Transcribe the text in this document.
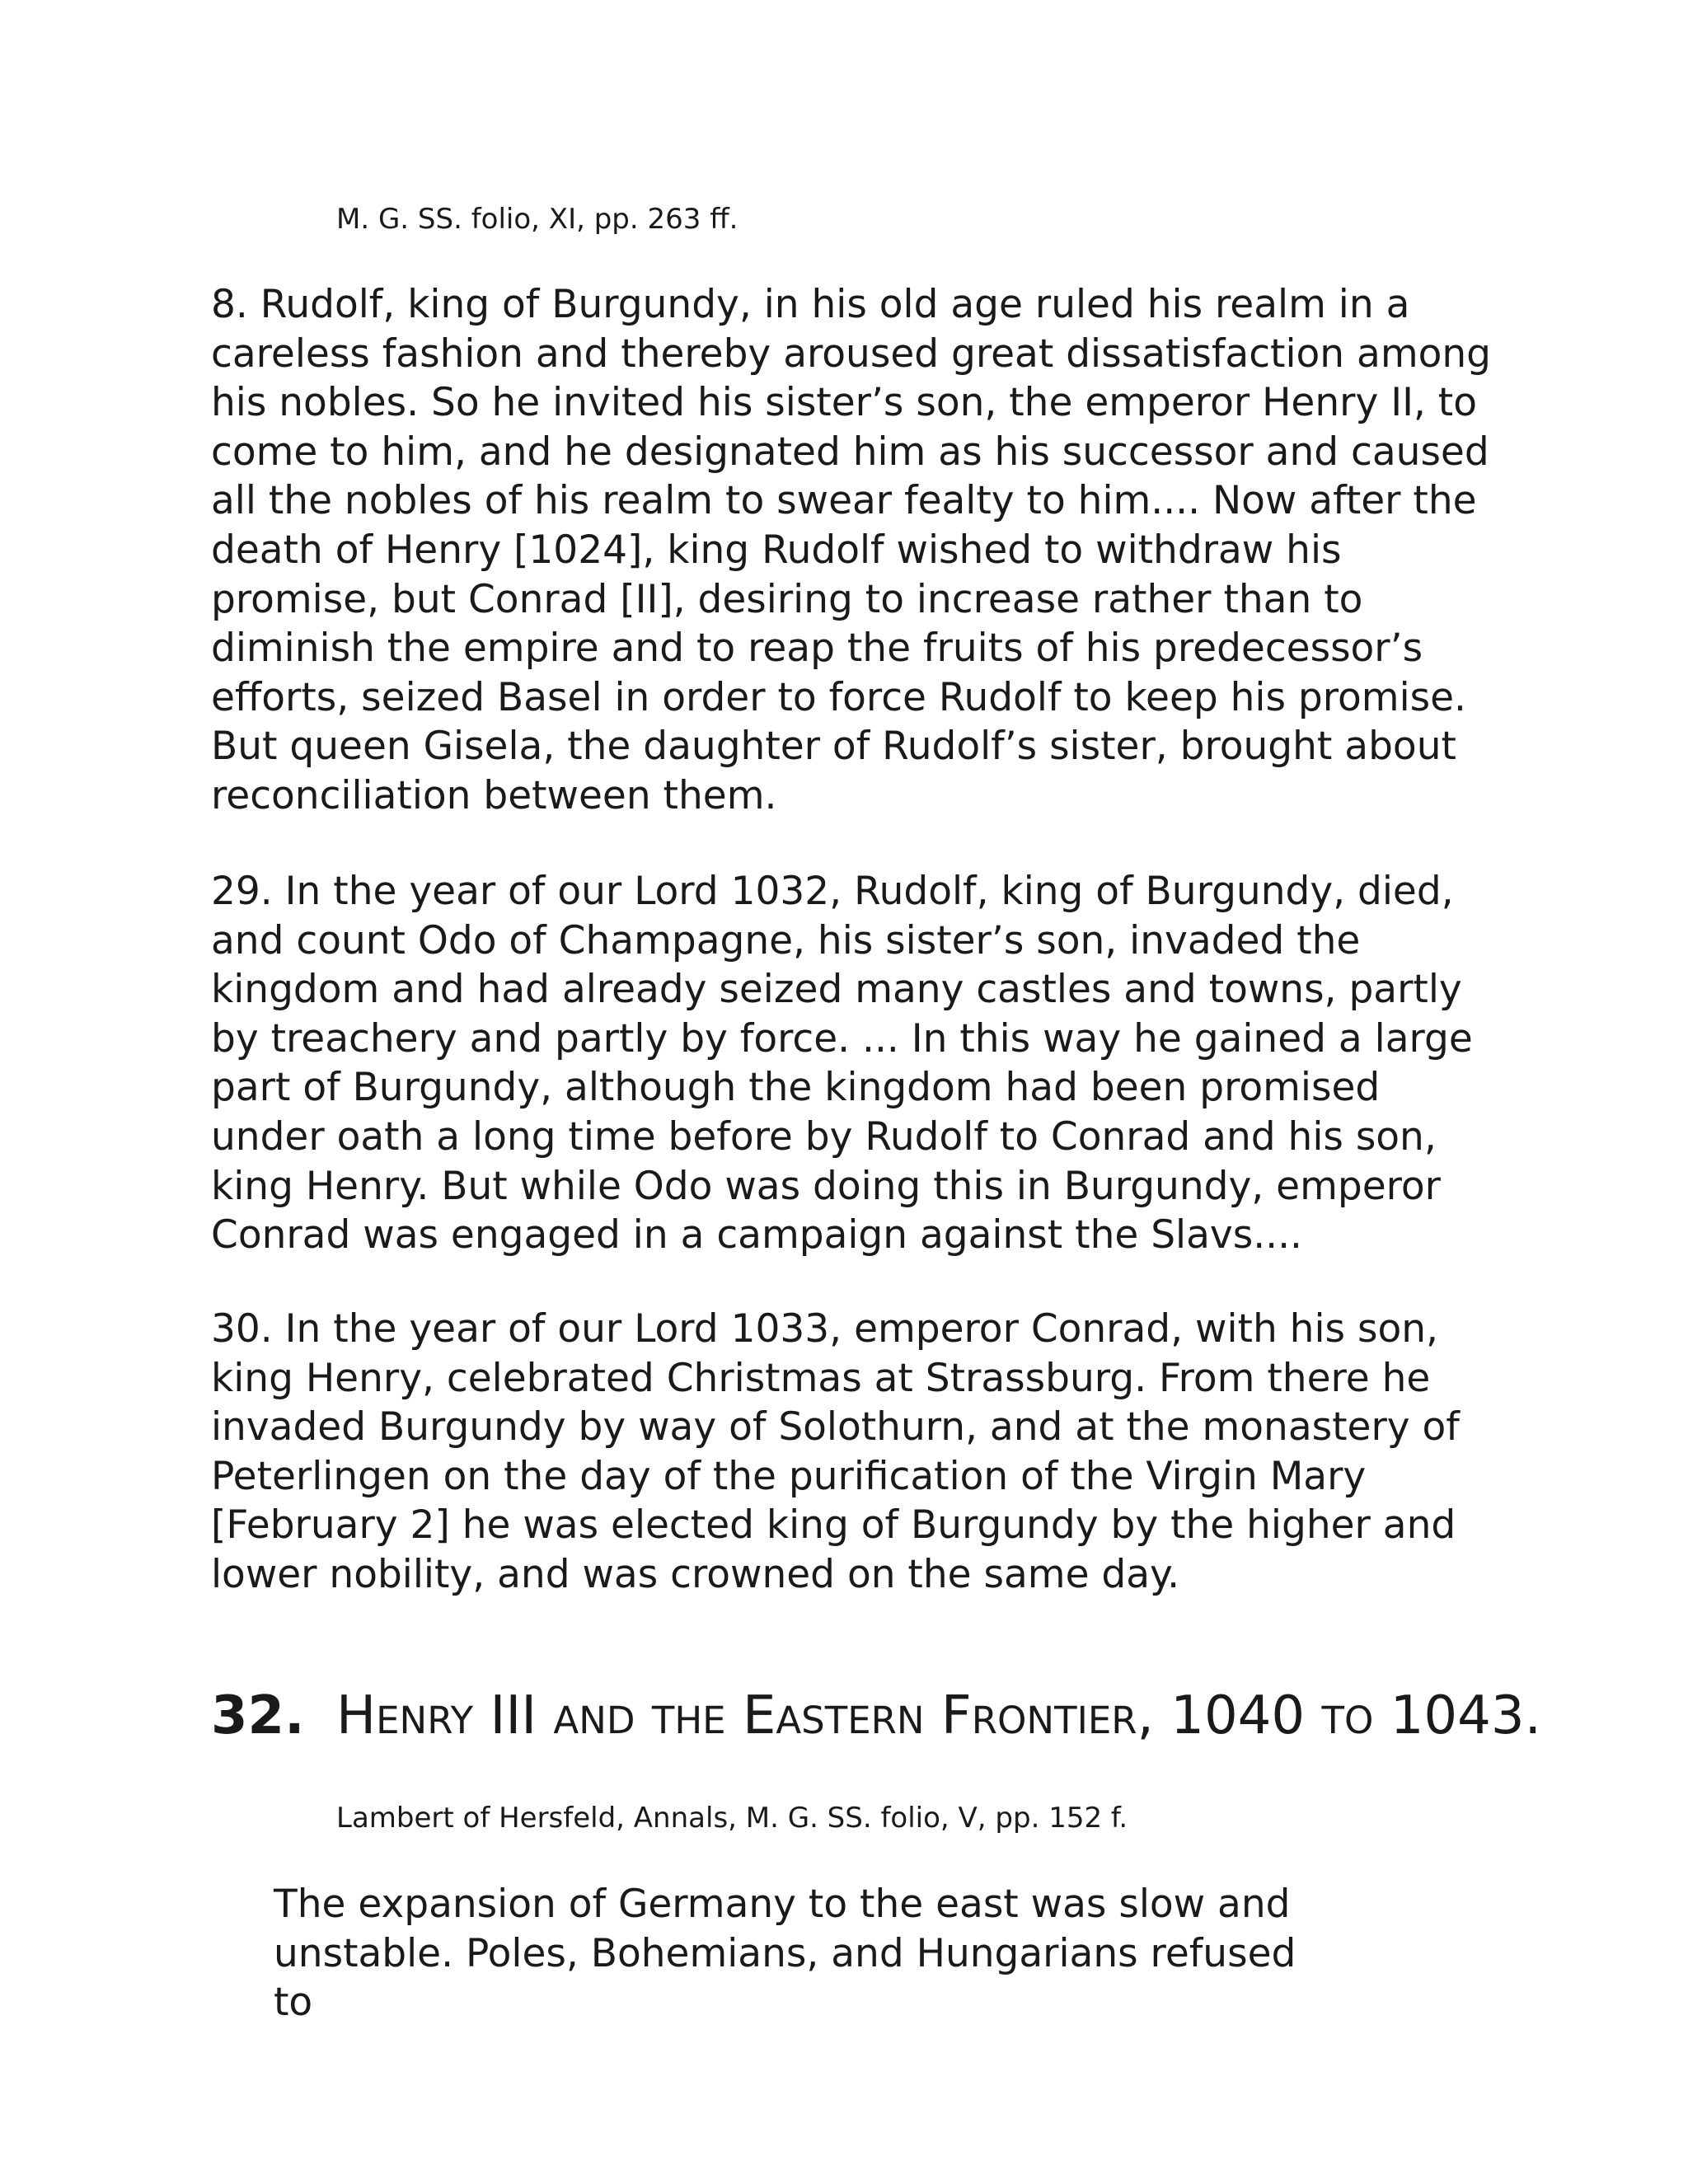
M. G. SS. folio, XI, pp. 263 ff.

8. Rudolf, king of Burgundy, in his old age ruled his realm in a careless fashion and thereby aroused great dissatisfaction among his nobles. So he invited his sister’s son, the emperor Henry II, to come to him, and he designated him as his successor and caused all the nobles of his realm to swear fealty to him.... Now after the death of Henry [1024], king Rudolf wished to withdraw his promise, but Conrad [II], desiring to increase rather than to diminish the empire and to reap the fruits of his predecessor’s efforts, seized Basel in order to force Rudolf to keep his promise. But queen Gisela, the daughter of Rudolf’s sister, brought about reconciliation between them.

29. In the year of our Lord 1032, Rudolf, king of Burgundy, died, and count Odo of Champagne, his sister’s son, invaded the kingdom and had already seized many castles and towns, partly by treachery and partly by force. ... In this way he gained a large part of Burgundy, although the kingdom had been promised under oath a long time before by Rudolf to Conrad and his son, king Henry. But while Odo was doing this in Burgundy, emperor Conrad was engaged in a campaign against the Slavs....

30. In the year of our Lord 1033, emperor Conrad, with his son, king Henry, celebrated Christmas at Strassburg. From there he invaded Burgundy by way of Solothurn, and at the monastery of Peterlingen on the day of the purification of the Virgin Mary [February 2] he was elected king of Burgundy by the higher and lower nobility, and was crowned on the same day.

32. Henry III and the Eastern Frontier, 1040 to 1043.
Lambert of Hersfeld, Annals, M. G. SS. folio, V, pp. 152 f.

The expansion of Germany to the east was slow and unstable. Poles, Bohemians, and Hungarians refused to
